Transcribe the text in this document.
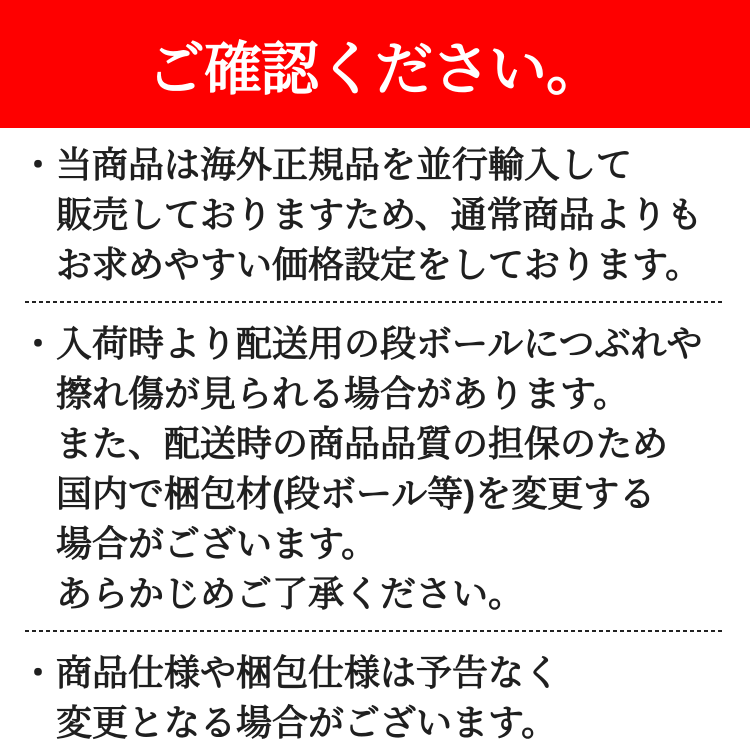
ご確認ください。

・当商品は海外正規品を並行輸入して

販売しておりますため、通常商品よりも

お求めやすい価格設定をしております。

・入荷時より配送用の段ボールにつぶれや

擦れ傷が見られる場合があります。

また、配送時の商品品質の担保のため

国内で梱包材(段ボール等)を変更する

場合がございます。

あらかじめご了承ください。

・商品仕様や梱包仕様は予告なく

変更となる場合がございます。
